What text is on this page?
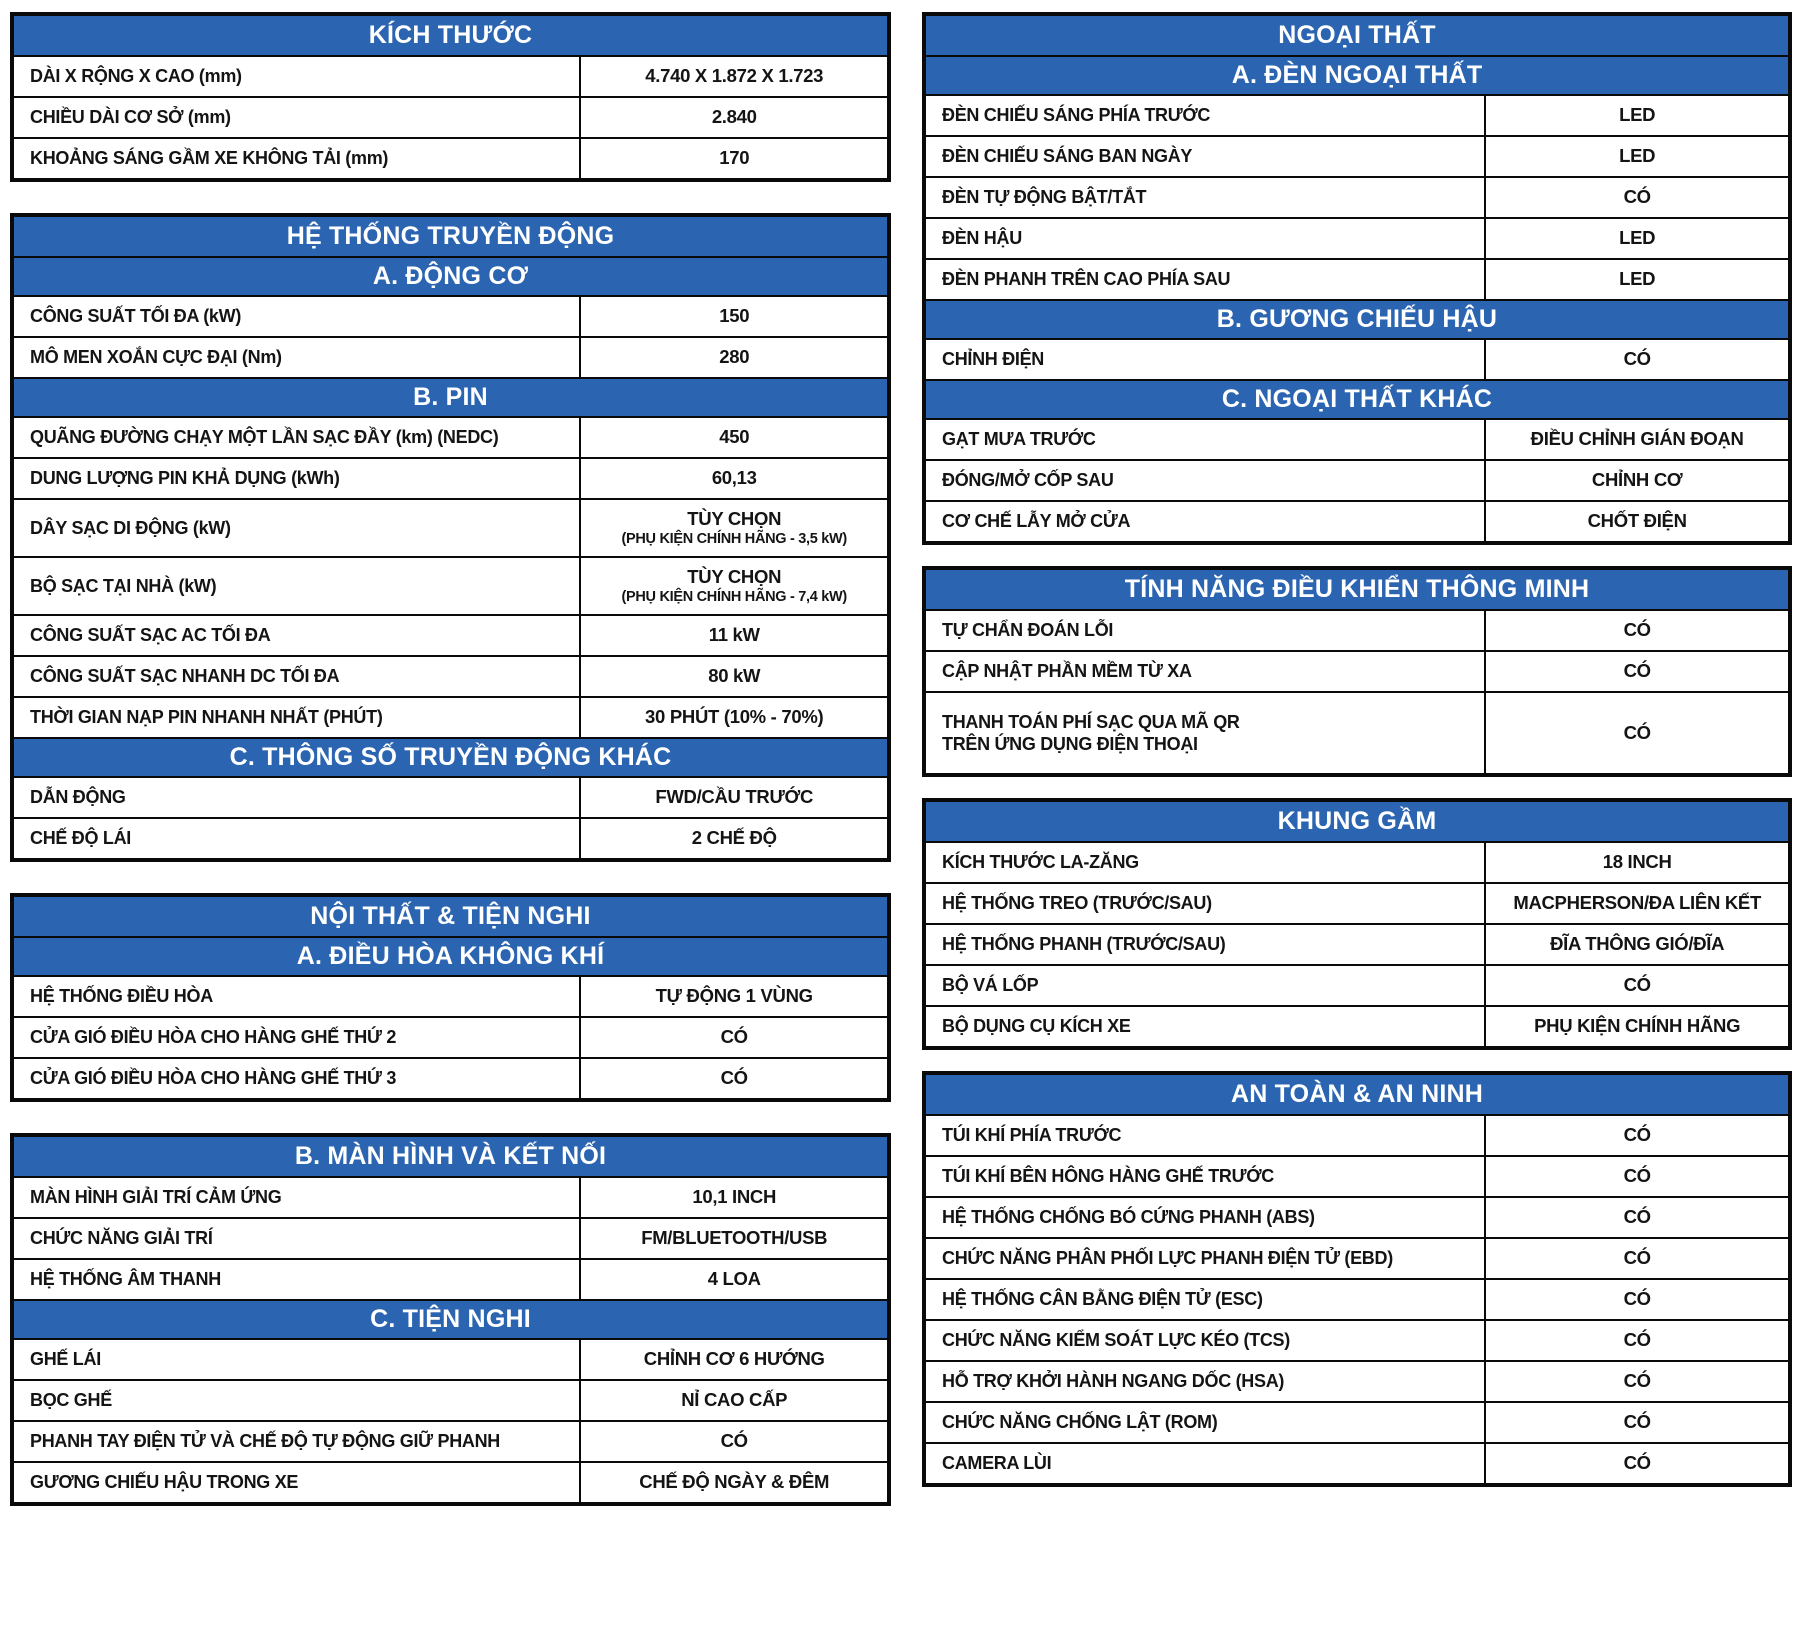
KÍCH THƯỚC
DÀI X RỘNG X CAO (mm)	4.740 X 1.872 X 1.723
CHIỀU DÀI CƠ SỞ (mm)	2.840
KHOẢNG SÁNG GẦM XE KHÔNG TẢI (mm)	170
HỆ THỐNG TRUYỀN ĐỘNG
A. ĐỘNG CƠ
CÔNG SUẤT TỐI ĐA (kW)	150
MÔ MEN XOẮN CỰC ĐẠI (Nm)	280
B. PIN
QUÃNG ĐƯỜNG CHẠY MỘT LẦN SẠC ĐẦY (km) (NEDC)	450
DUNG LƯỢNG PIN KHẢ DỤNG (kWh)	60,13
DÂY SẠC DI ĐỘNG (kW)	TÙY CHỌN
(PHỤ KIỆN CHÍNH HÃNG - 3,5 kW)
BỘ SẠC TẠI NHÀ (kW)	TÙY CHỌN
(PHỤ KIỆN CHÍNH HÃNG - 7,4 kW)
CÔNG SUẤT SẠC AC TỐI ĐA	11 kW
CÔNG SUẤT SẠC NHANH DC TỐI ĐA	80 kW
THỜI GIAN NẠP PIN NHANH NHẤT (PHÚT)	30 PHÚT (10% - 70%)
C. THÔNG SỐ TRUYỀN ĐỘNG KHÁC
DẪN ĐỘNG	FWD/CẦU TRƯỚC
CHẾ ĐỘ LÁI	2 CHẾ ĐỘ
NỘI THẤT & TIỆN NGHI
A. ĐIỀU HÒA KHÔNG KHÍ
HỆ THỐNG ĐIỀU HÒA	TỰ ĐỘNG 1 VÙNG
CỬA GIÓ ĐIỀU HÒA CHO HÀNG GHẾ THỨ 2	CÓ
CỬA GIÓ ĐIỀU HÒA CHO HÀNG GHẾ THỨ 3	CÓ
B. MÀN HÌNH VÀ KẾT NỐI
MÀN HÌNH GIẢI TRÍ CẢM ỨNG	10,1 INCH
CHỨC NĂNG GIẢI TRÍ	FM/BLUETOOTH/USB
HỆ THỐNG ÂM THANH	4 LOA
C. TIỆN NGHI
GHẾ LÁI	CHỈNH CƠ 6 HƯỚNG
BỌC GHẾ	NỈ CAO CẤP
PHANH TAY ĐIỆN TỬ VÀ CHẾ ĐỘ TỰ ĐỘNG GIỮ PHANH	CÓ
GƯƠNG CHIẾU HẬU TRONG XE	CHẾ ĐỘ NGÀY & ĐÊM
NGOẠI THẤT
A. ĐÈN NGOẠI THẤT
ĐÈN CHIẾU SÁNG PHÍA TRƯỚC	LED
ĐÈN CHIẾU SÁNG BAN NGÀY	LED
ĐÈN TỰ ĐỘNG BẬT/TẮT	CÓ
ĐÈN HẬU	LED
ĐÈN PHANH TRÊN CAO PHÍA SAU	LED
B. GƯƠNG CHIẾU HẬU
CHỈNH ĐIỆN	CÓ
C. NGOẠI THẤT KHÁC
GẠT MƯA TRƯỚC	ĐIỀU CHỈNH GIÁN ĐOẠN
ĐÓNG/MỞ CỐP SAU	CHỈNH CƠ
CƠ CHẾ LẪY MỞ CỬA	CHỐT ĐIỆN
TÍNH NĂNG ĐIỀU KHIỂN THÔNG MINH
TỰ CHẨN ĐOÁN LỖI	CÓ
CẬP NHẬT PHẦN MỀM TỪ XA	CÓ
THANH TOÁN PHÍ SẠC QUA MÃ QR
TRÊN ỨNG DỤNG ĐIỆN THOẠI
CÓ
KHUNG GẦM
KÍCH THƯỚC LA-ZĂNG	18 INCH
HỆ THỐNG TREO (TRƯỚC/SAU)	MACPHERSON/ĐA LIÊN KẾT
HỆ THỐNG PHANH (TRƯỚC/SAU)	ĐĨA THÔNG GIÓ/ĐĨA
BỘ VÁ LỐP	CÓ
BỘ DỤNG CỤ KÍCH XE	PHỤ KIỆN CHÍNH HÃNG
AN TOÀN & AN NINH
TÚI KHÍ PHÍA TRƯỚC	CÓ
TÚI KHÍ BÊN HÔNG HÀNG GHẾ TRƯỚC	CÓ
HỆ THỐNG CHỐNG BÓ CỨNG PHANH (ABS)	CÓ
CHỨC NĂNG PHÂN PHỐI LỰC PHANH ĐIỆN TỬ (EBD)	CÓ
HỆ THỐNG CÂN BẰNG ĐIỆN TỬ (ESC)	CÓ
CHỨC NĂNG KIỂM SOÁT LỰC KÉO (TCS)	CÓ
HỖ TRỢ KHỞI HÀNH NGANG DỐC (HSA)	CÓ
CHỨC NĂNG CHỐNG LẬT (ROM)	CÓ
CAMERA LÙI	CÓ
